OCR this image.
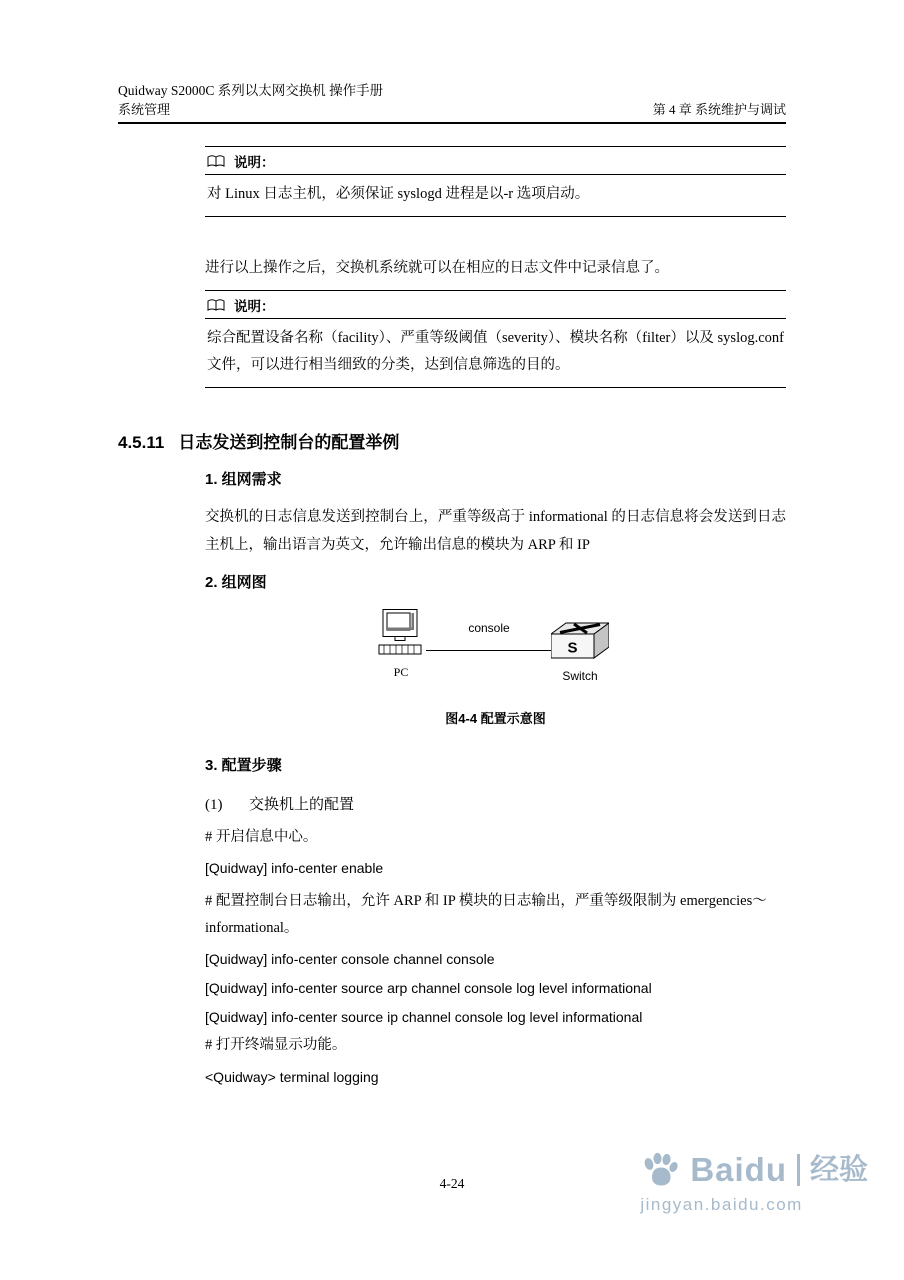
Quidway S2000C 系列以太网交换机 操作手册
系统管理	第 4 章 系统维护与调试
说明：
对 Linux 日志主机，必须保证 syslogd 进程是以-r 选项启动。

进行以上操作之后，交换机系统就可以在相应的日志文件中记录信息了。

说明：
综合配置设备名称（facility）、严重等级阈值（severity）、模块名称（filter）以及 syslog.conf 文件，可以进行相当细致的分类，达到信息筛选的目的。
4.5.11 日志发送到控制台的配置举例
1. 组网需求

交换机的日志信息发送到控制台上，严重等级高于 informational 的日志信息将会发送到日志主机上，输出语言为英文，允许输出信息的模块为 ARP 和 IP

2. 组网图
PC
console
S
Switch
图4-4 配置示意图
3. 配置步骤
(1) 交换机上的配置
# 开启信息中心。
[Quidway] info-center enable
# 配置控制台日志输出，允许 ARP 和 IP 模块的日志输出，严重等级限制为 emergencies～informational。
[Quidway] info-center console channel console
[Quidway] info-center source arp channel console log level informational
[Quidway] info-center source ip channel console log level informational
# 打开终端显示功能。
<Quidway> terminal logging
4-24	Baidu 经验
jingyan.baidu.com
